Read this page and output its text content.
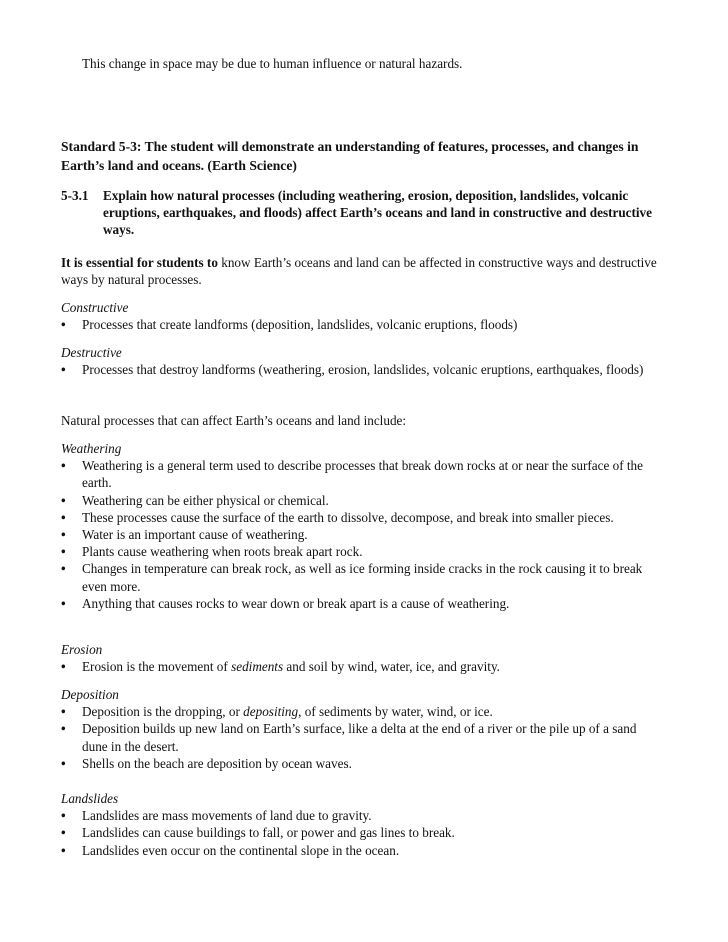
This change in space may be due to human influence or natural hazards.

Standard 5-3: The student will demonstrate an understanding of features, processes, and changes in Earth’s land and oceans. (Earth Science)

5-3.1	Explain how natural processes (including weathering, erosion, deposition, landslides, volcanic eruptions, earthquakes, and floods) affect Earth’s oceans and land in constructive and destructive ways.

It is essential for students to know Earth’s oceans and land can be affected in constructive ways and destructive ways by natural processes.

Constructive

• Processes that create landforms (deposition, landslides, volcanic eruptions, floods)

Destructive

• Processes that destroy landforms (weathering, erosion, landslides, volcanic eruptions, earthquakes, floods)

Natural processes that can affect Earth’s oceans and land include:

Weathering

• Weathering is a general term used to describe processes that break down rocks at or near the surface of the earth.
• Weathering can be either physical or chemical.
• These processes cause the surface of the earth to dissolve, decompose, and break into smaller pieces.
• Water is an important cause of weathering.
• Plants cause weathering when roots break apart rock.
• Changes in temperature can break rock, as well as ice forming inside cracks in the rock causing it to break even more.
• Anything that causes rocks to wear down or break apart is a cause of weathering.

Erosion

• Erosion is the movement of sediments and soil by wind, water, ice, and gravity.

Deposition

• Deposition is the dropping, or depositing, of sediments by water, wind, or ice.
• Deposition builds up new land on Earth’s surface, like a delta at the end of a river or the pile up of a sand dune in the desert.
• Shells on the beach are deposition by ocean waves.

Landslides

• Landslides are mass movements of land due to gravity.
• Landslides can cause buildings to fall, or power and gas lines to break.
• Landslides even occur on the continental slope in the ocean.
